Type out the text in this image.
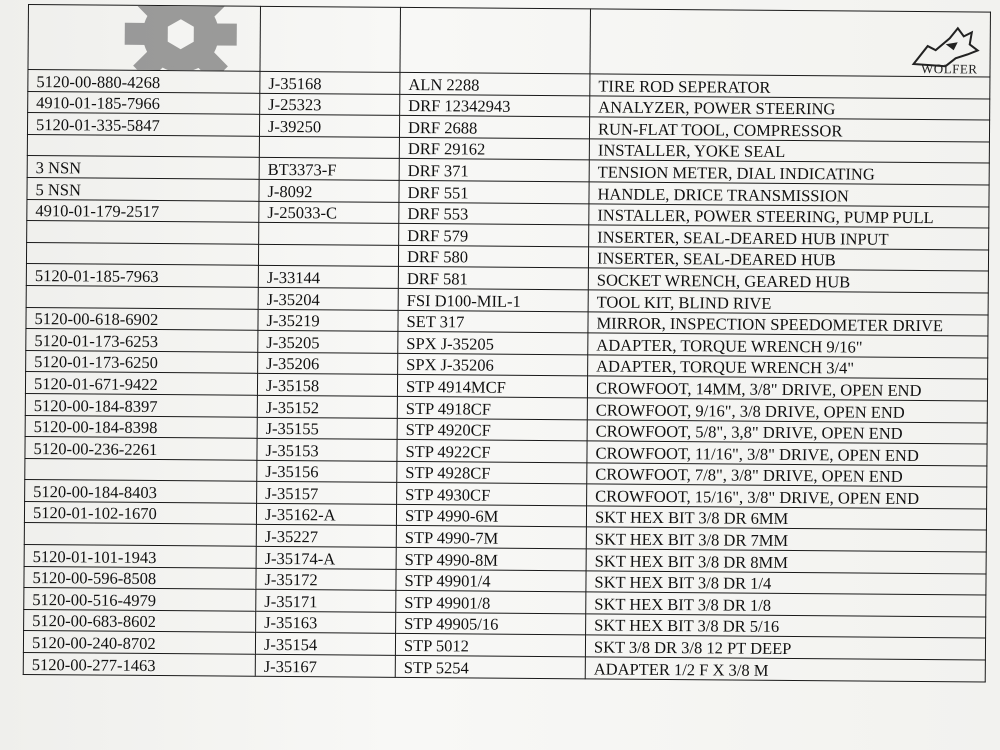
WOLFER

5120-00-880-4268	J-35168	ALN 2288	TIRE ROD SEPERATOR
4910-01-185-7966	J-25323	DRF 12342943	ANALYZER, POWER STEERING
5120-01-335-5847	J-39250	DRF 2688	RUN-FLAT TOOL, COMPRESSOR
		DRF 29162	INSTALLER, YOKE SEAL
3 NSN	BT3373-F	DRF 371	TENSION METER, DIAL INDICATING
5 NSN	J-8092	DRF 551	HANDLE, DRICE TRANSMISSION
4910-01-179-2517	J-25033-C	DRF 553	INSTALLER, POWER STEERING, PUMP PULL
		DRF 579	INSERTER, SEAL-DEARED HUB INPUT
		DRF 580	INSERTER, SEAL-DEARED HUB
5120-01-185-7963	J-33144	DRF 581	SOCKET WRENCH, GEARED HUB
	J-35204	FSI D100-MIL-1	TOOL KIT, BLIND RIVE
5120-00-618-6902	J-35219	SET 317	MIRROR, INSPECTION SPEEDOMETER DRIVE
5120-01-173-6253	J-35205	SPX J-35205	ADAPTER, TORQUE WRENCH 9/16"
5120-01-173-6250	J-35206	SPX J-35206	ADAPTER, TORQUE WRENCH 3/4"
5120-01-671-9422	J-35158	STP 4914MCF	CROWFOOT, 14MM, 3/8" DRIVE, OPEN END
5120-00-184-8397	J-35152	STP 4918CF	CROWFOOT, 9/16", 3/8 DRIVE, OPEN END
5120-00-184-8398	J-35155	STP 4920CF	CROWFOOT, 5/8", 3,8" DRIVE, OPEN END
5120-00-236-2261	J-35153	STP 4922CF	CROWFOOT, 11/16", 3/8" DRIVE, OPEN END
	J-35156	STP 4928CF	CROWFOOT, 7/8", 3/8" DRIVE, OPEN END
5120-00-184-8403	J-35157	STP 4930CF	CROWFOOT, 15/16", 3/8" DRIVE, OPEN END
5120-01-102-1670	J-35162-A	STP 4990-6M	SKT HEX BIT 3/8 DR 6MM
	J-35227	STP 4990-7M	SKT HEX BIT 3/8 DR 7MM
5120-01-101-1943	J-35174-A	STP 4990-8M	SKT HEX BIT 3/8 DR 8MM
5120-00-596-8508	J-35172	STP 49901/4	SKT HEX BIT 3/8 DR 1/4
5120-00-516-4979	J-35171	STP 49901/8	SKT HEX BIT 3/8 DR 1/8
5120-00-683-8602	J-35163	STP 49905/16	SKT HEX BIT 3/8 DR 5/16
5120-00-240-8702	J-35154	STP 5012	SKT 3/8 DR 3/8 12 PT DEEP
5120-00-277-1463	J-35167	STP 5254	ADAPTER 1/2 F X 3/8 M
